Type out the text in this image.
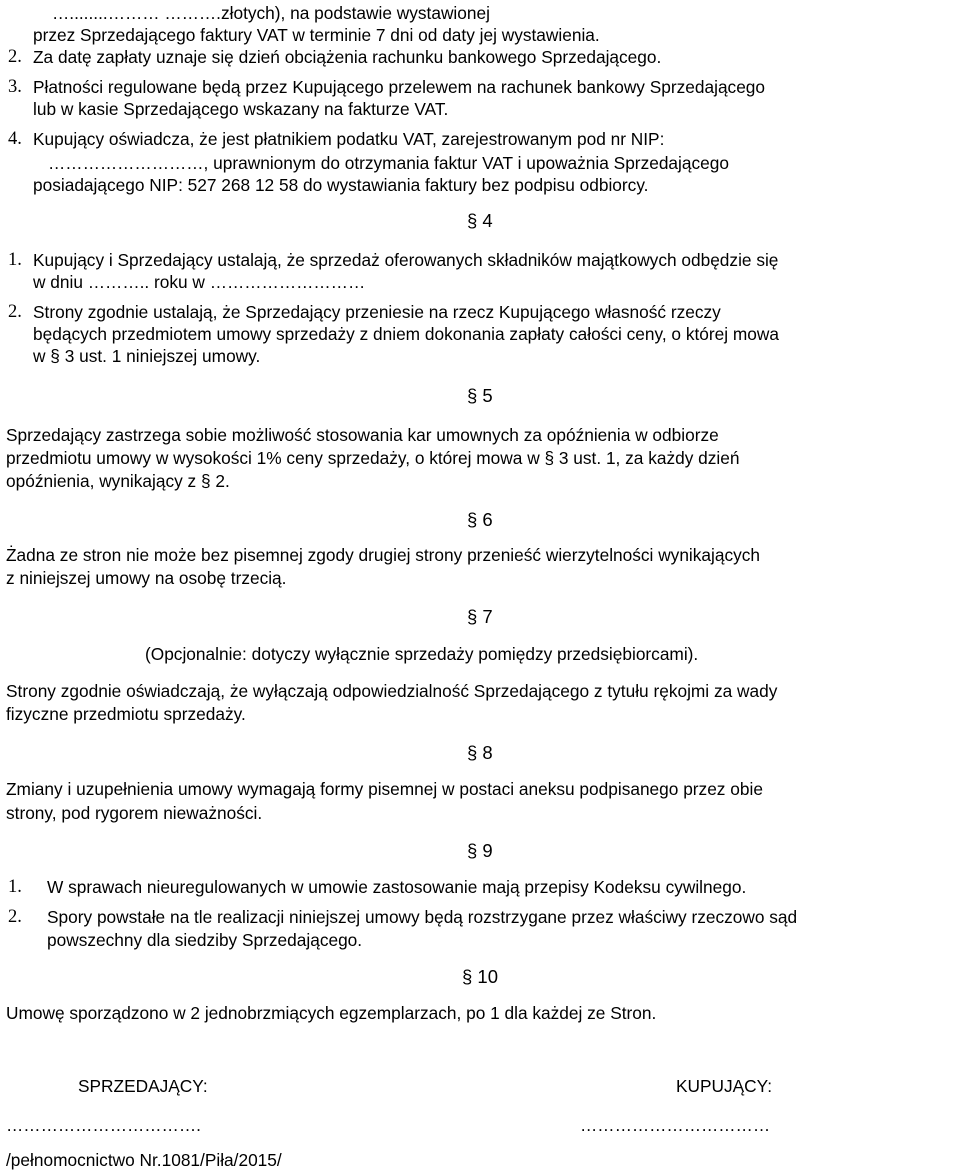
…........……… ……….złotych), na podstawie wystawionej
przez Sprzedającego faktury VAT w terminie 7 dni od daty jej wystawienia.
2. Za datę zapłaty uznaje się dzień obciążenia rachunku bankowego Sprzedającego.
3. Płatności regulowane będą przez Kupującego przelewem na rachunek bankowy Sprzedającego
lub w kasie Sprzedającego wskazany na fakturze VAT.
4. Kupujący oświadcza, że jest płatnikiem podatku VAT, zarejestrowanym pod nr NIP:
………………………, uprawnionym do otrzymania faktur VAT i upoważnia Sprzedającego
posiadającego NIP: 527 268 12 58 do wystawiania faktury bez podpisu odbiorcy.
§ 4
1. Kupujący i Sprzedający ustalają, że sprzedaż oferowanych składników majątkowych odbędzie się
w dniu ……….. roku w ………………………
2. Strony zgodnie ustalają, że Sprzedający przeniesie na rzecz Kupującego własność rzeczy
będących przedmiotem umowy sprzedaży z dniem dokonania zapłaty całości ceny, o której mowa
w § 3 ust. 1 niniejszej umowy.
§ 5
Sprzedający zastrzega sobie możliwość stosowania kar umownych za opóźnienia w odbiorze
przedmiotu umowy w wysokości 1% ceny sprzedaży, o której mowa w § 3 ust. 1, za każdy dzień
opóźnienia, wynikający z § 2.
§ 6
Żadna ze stron nie może bez pisemnej zgody drugiej strony przenieść wierzytelności wynikających
z niniejszej umowy na osobę trzecią.
§ 7
(Opcjonalnie: dotyczy wyłącznie sprzedaży pomiędzy przedsiębiorcami).
Strony zgodnie oświadczają, że wyłączają odpowiedzialność Sprzedającego z tytułu rękojmi za wady
fizyczne przedmiotu sprzedaży.
§ 8
Zmiany i uzupełnienia umowy wymagają formy pisemnej w postaci aneksu podpisanego przez obie
strony, pod rygorem nieważności.
§ 9
1. W sprawach nieuregulowanych w umowie zastosowanie mają przepisy Kodeksu cywilnego.
2. Spory powstałe na tle realizacji niniejszej umowy będą rozstrzygane przez właściwy rzeczowo sąd
powszechny dla siedziby Sprzedającego.
§ 10
Umowę sporządzono w 2 jednobrzmiących egzemplarzach, po 1 dla każdej ze Stron.
SPRZEDAJĄCY:	KUPUJĄCY:
…………………………….	……………………………
/pełnomocnictwo Nr.1081/Piła/2015/
